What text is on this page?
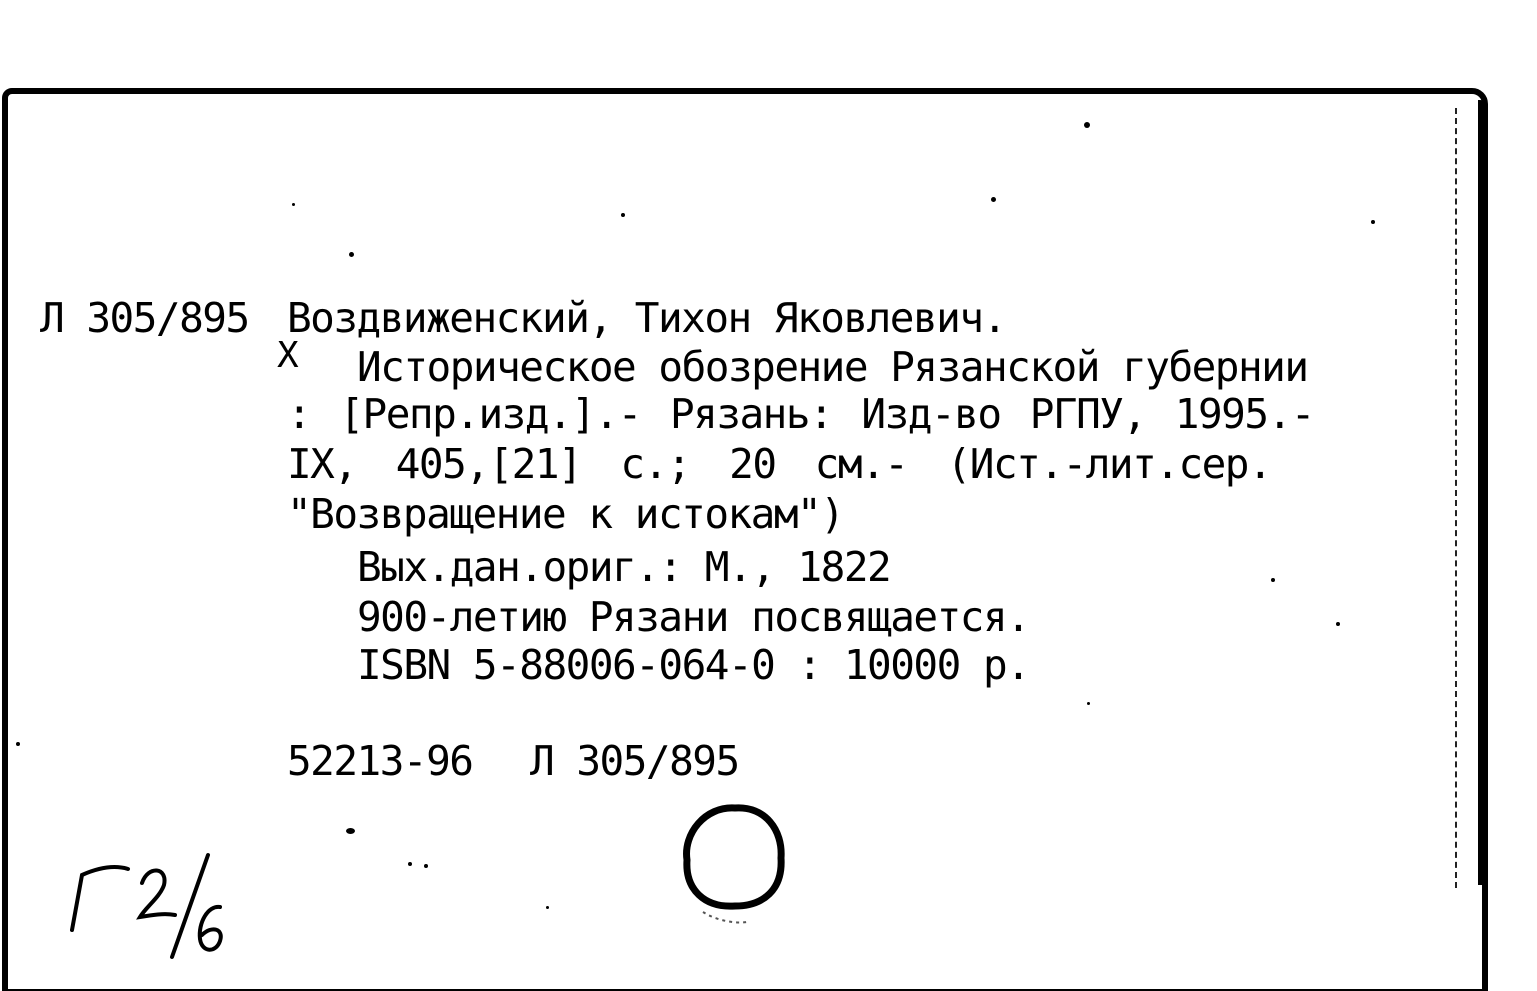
Л 305/895 Воздвиженский, Тихон Яковлевич.
Х Историческое обозрение Рязанской губернии
: [Репр.изд.].- Рязань: Изд-во РГПУ, 1995.-
IX, 405,[21] с.; 20 см.- (Ист.-лит.сер.
"Возвращение к истокам")
Вых.дан.ориг.: М., 1822
900-летию Рязани посвящается.
ISBN 5-88006-064-0 : 10000 р.
52213-96 Л 305/895
